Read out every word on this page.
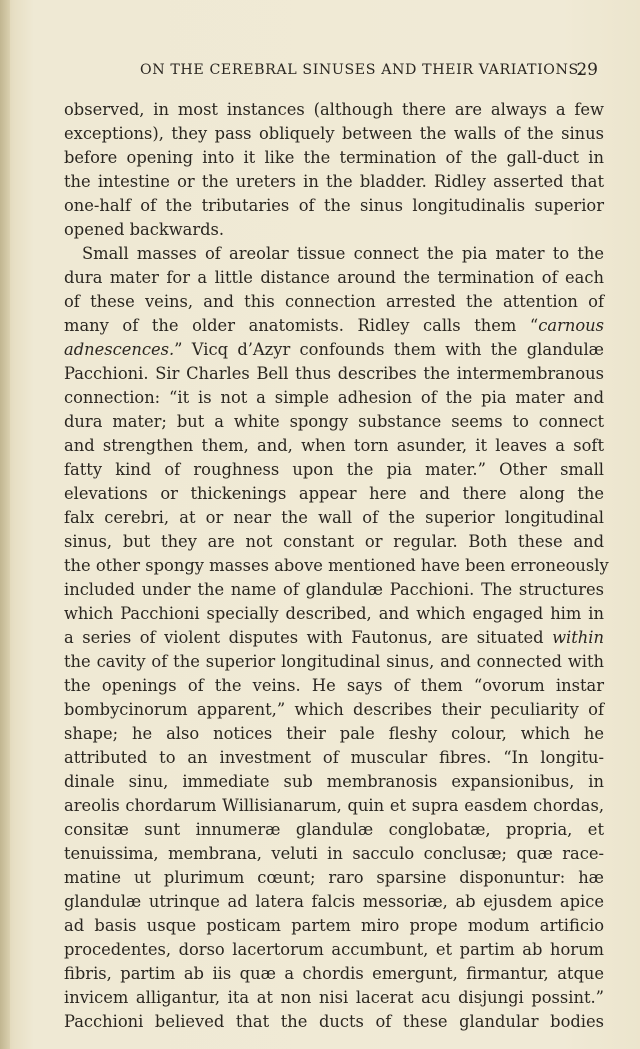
ON THE CEREBRAL SINUSES AND THEIR VARIATIONS.
29
observed, in most instances (although there are always a few
exceptions), they pass obliquely between the walls of the sinus
before opening into it like the termination of the gall-duct in
the intestine or the ureters in the bladder. Ridley asserted that
one-half of the tributaries of the sinus longitudinalis superior
opened backwards.
Small masses of areolar tissue connect the pia mater to the
dura mater for a little distance around the termination of each
of these veins, and this connection arrested the attention of
many of the older anatomists. Ridley calls them “carnous
adnescences.” Vicq d’Azyr confounds them with the glandulæ
Pacchioni. Sir Charles Bell thus describes the intermembranous
connection: “it is not a simple adhesion of the pia mater and
dura mater; but a white spongy substance seems to connect
and strengthen them, and, when torn asunder, it leaves a soft
fatty kind of roughness upon the pia mater.” Other small
elevations or thickenings appear here and there along the
falx cerebri, at or near the wall of the superior longitudinal
sinus, but they are not constant or regular. Both these and
the other spongy masses above mentioned have been erroneously
included under the name of glandulæ Pacchioni. The structures
which Pacchioni specially described, and which engaged him in
a series of violent disputes with Fautonus, are situated within
the cavity of the superior longitudinal sinus, and connected with
the openings of the veins. He says of them “ovorum instar
bombycinorum apparent,” which describes their peculiarity of
shape; he also notices their pale fleshy colour, which he
attributed to an investment of muscular fibres. “In longitu-
dinale sinu, immediate sub membranosis expansionibus, in
areolis chordarum Willisianarum, quin et supra easdem chordas,
consitæ sunt innumeræ glandulæ conglobatæ, propria, et
tenuissima, membrana, veluti in sacculo conclusæ; quæ race-
matine ut plurimum cœunt; raro sparsine disponuntur: hæ
glandulæ utrinque ad latera falcis messoriæ, ab ejusdem apice
ad basis usque posticam partem miro prope modum artificio
procedentes, dorso lacertorum accumbunt, et partim ab horum
fibris, partim ab iis quæ a chordis emergunt, firmantur, atque
invicem alligantur, ita at non nisi lacerat acu disjungi possint.”
Pacchioni believed that the ducts of these glandular bodies
